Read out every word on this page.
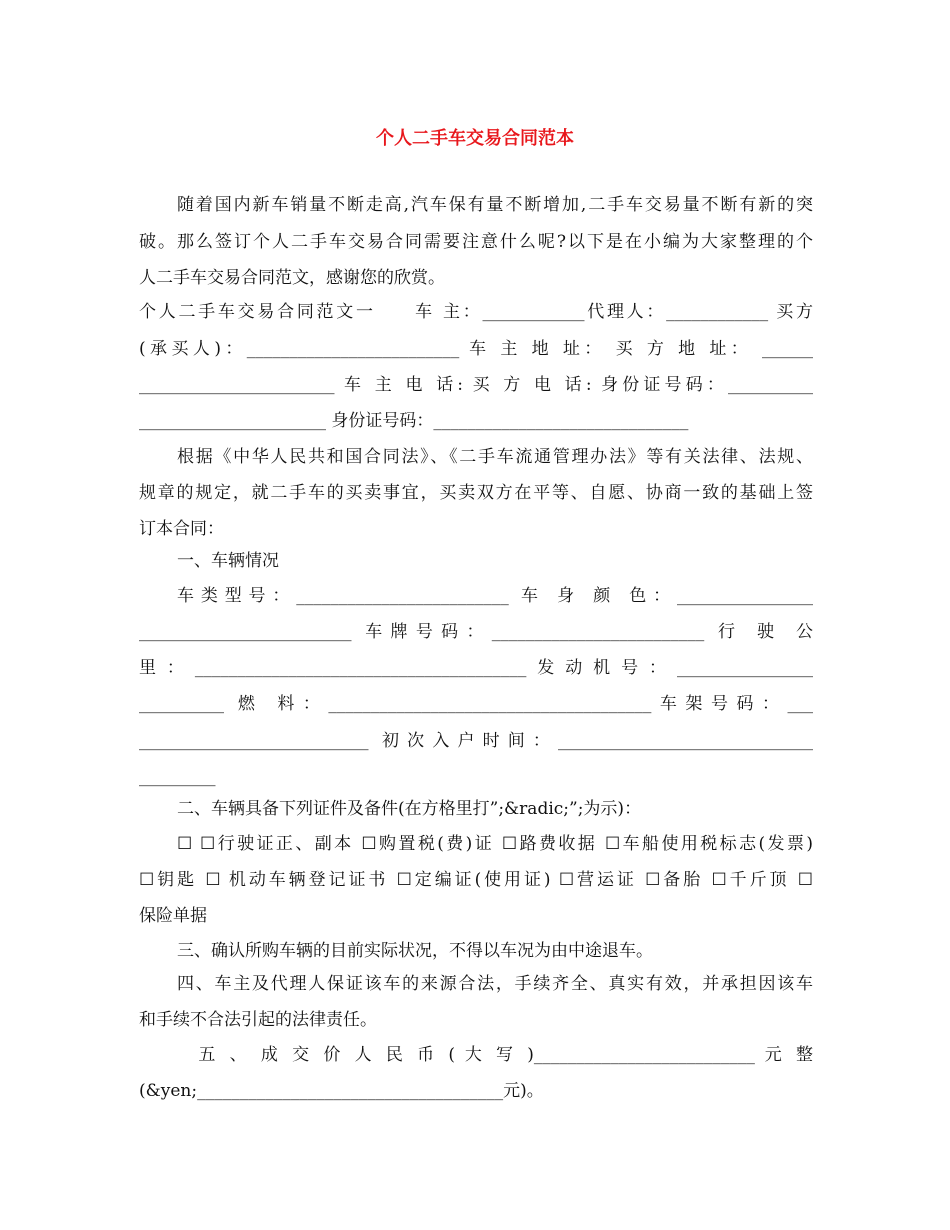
个人二手车交易合同范本
随着国内新车销量不断走高,汽车保有量不断增加,二手车交易量不断有新的突
破。那么签订个人二手车交易合同需要注意什么呢?以下是在小编为大家整理的个
人二手车交易合同范文，感谢您的欣赏。
个人二手车交易合同范文一　　车 主：____________代理人：____________ 买方
(承买人)：_________________________ 车 主 地 址： 买 方 地 址： ______
_______________________ 车 主 电 话: 买 方 电 话: 身份证号码：__________
______________________ 身份证号码：______________________________
根据《中华人民共和国合同法》、《二手车流通管理办法》等有关法律、法规、
规章的规定，就二手车的买卖事宜，买卖双方在平等、自愿、协商一致的基础上签
订本合同：
一、车辆情况
车类型号：_________________________ 车 身 颜 色：________________
_________________________ 车牌号码：_________________________ 行 驶 公
里：_______________________________________发动机号：________________
__________ 燃 料：______________________________________车架号码：___
___________________________ 初次入户时间：______________________________
_________
二、车辆具备下列证件及备件(在方格里打”;&radic;”;为示)：
☐ ☐行驶证正、副本 ☐购置税(费)证 ☐路费收据 ☐车船使用税标志(发票)
☐钥匙 ☐ 机动车辆登记证书 ☐定编证(使用证) ☐营运证 ☐备胎 ☐千斤顶 ☐
保险单据
三、确认所购车辆的目前实际状况，不得以车况为由中途退车。
四、车主及代理人保证该车的来源合法，手续齐全、真实有效，并承担因该车
和手续不合法引起的法律责任。
　五 、 成 交 价 人 民 币 ( 大 写 )__________________________ 元 整
(&yen;____________________________________元)。
